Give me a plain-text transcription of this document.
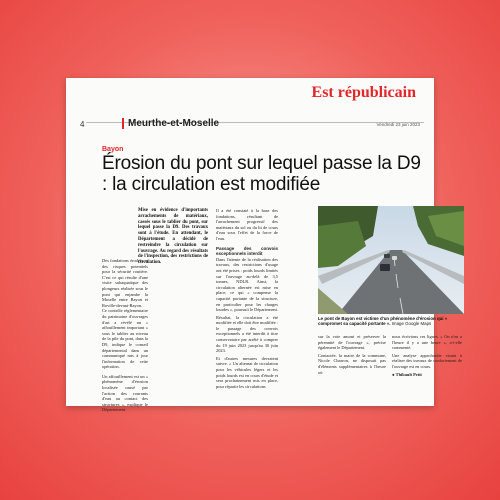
Est républicain
4	Meurthe-et-Moselle	Vendredi 23 juin 2023
Bayon
Érosion du pont sur lequel passe la D9 : la circulation est modifiée
Mise en évidence d'importants arrachements de matériaux, cassés sous le tablier du pont, sur lequel passe la D9. Des travaux sont à l'étude. En attendant, le Département a décidé de restreindre la circulation sur l'ouvrage. Au regard des résultats de l'inspection, des restrictions de circulation.
Des fondations érodées et des risques potentiels pour la sécurité routière. C'est ce qui résulte d'une visite subaquatique des plongeurs réalisée sous le pont qui enjambe la Moselle entre Bayon et Roville-devant-Bayon. Ce contrôle réglementaire du patrimoine d'ouvrages d'art a révélé un « affouillement important » sous le tablier au niveau de la pile du pont, dans la D9, indique le conseil départemental dans un communiqué mis à jour l'information de cette opération.
Un affouillement est un « phénomène d'érosion localisée causé par l'action des courants d'eau au contact des structures », explique le Département.
Il a été constaté à la base des fondations, résultant de l'arrachement progressif des matériaux du sol ou du lit de cours d'eau sous l'effet de la force de l'eau.
Passage des convois exceptionnels interdit
Dans l'attente de la réalisation des travaux, des restrictions d'usage ont été prises : poids lourds limités sur l'ouvrage au-delà de 3,5 tonnes, NDLR. Ainsi, la circulation alternée est mise en place, ce qui « compense la capacité portante de la structure, en particulier pour les charges lourdes », poursuit le Département.
Résultat, la circulation a été modifiée et elle doit être modifiée : le passage des convois exceptionnels a été interdit à titre conservatoire par arrêté à compter du 19 juin 2023 jusqu'au 30 juin 2023.
Et d'autres mesures devraient suivre. « Un alternat de circulation pour les véhicules légers et les poids lourds est en cours d'étude et sera prochainement mis en place, pour répartir les circulations
Le pont de Bayon est victime d'un phénomène d'érosion qui « compromet sa capacité portante ». Image Google Maps
sur la voie amont et préserver la pérennité de l'ouvrage », précise également le Département.
Contactée, la maire de la commune, Nicole Charron, ne disposait pas d'éléments supplémentaires à l'heure où
nous écrivions ces lignes. « On n'en a l'heure il y a une heure », a-t-elle commenté.
Une analyse approfondie visant à réaliser des travaux de confortement de l'ouvrage est en cours.
● Thibault Petit
